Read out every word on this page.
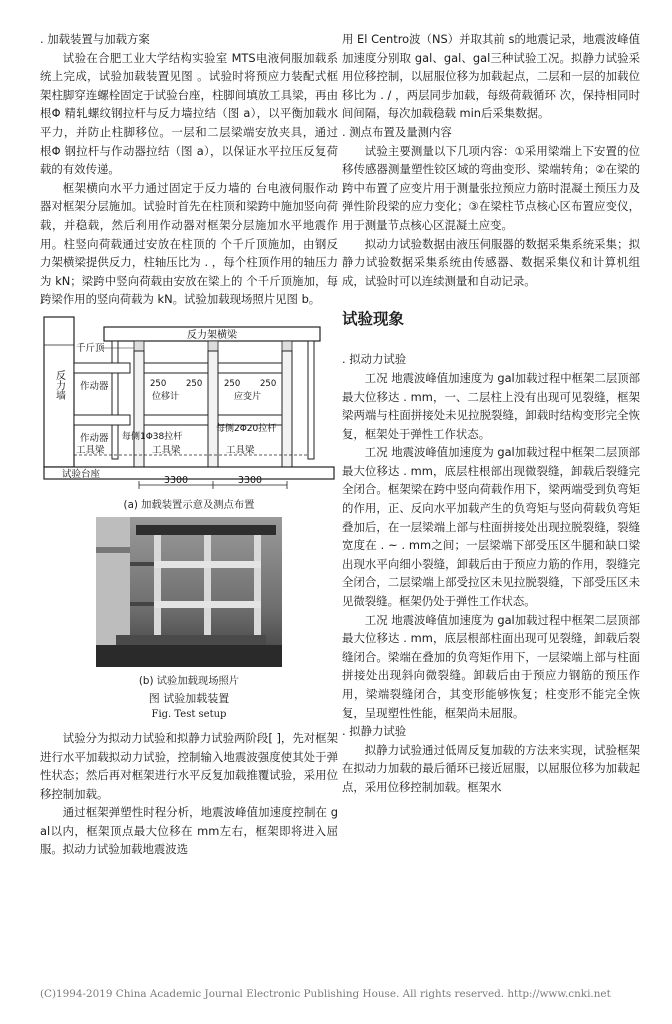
. 加载装置与加载方案

试验在合肥工业大学结构实验室 MTS电液伺服加载系统上完成，试验加载装置见图 。试验时将预应力装配式框架柱脚穿连螺栓固定于试验台座，柱脚间填放工具梁，再由 根Φ 精轧螺纹钢拉杆与反力墙拉结（图 a），以平衡加载水平力，并防止柱脚移位。一层和二层梁端安放夹具，通过 根Φ 钢拉杆与作动器拉结（图 a），以保证水平拉压反复荷载的有效传递。

框架横向水平力通过固定于反力墙的 台电液伺服作动器对框架分层施加。试验时首先在柱顶和梁跨中施加竖向荷载，并稳载，然后利用作动器对框架分层施加水平地震作用。柱竖向荷载通过安放在柱顶的 个千斤顶施加，由钢反力架横梁提供反力，柱轴压比为 . ，每个柱顶作用的轴压力为 kN；梁跨中竖向荷载由安放在梁上的 个千斤顶施加，每跨梁作用的竖向荷载为 kN。试验加载现场照片见图 b。

反力墙
反力架横梁
千斤顶
作动器
作动器
250 250	250 250
位移计	应变片
每侧1Φ38拉杆
每侧2Φ20拉杆
工具梁	工具梁	工具梁
试验台座
3300	3300

(a) 加载装置示意及测点布置

(b) 试验加载现场照片

图 试验加载装置

Fig. Test setup

试验分为拟动力试验和拟静力试验两阶段[ ]，先对框架进行水平加载拟动力试验，控制输入地震波强度使其处于弹性状态；然后再对框架进行水平反复加载推覆试验，采用位移控制加载。

通过框架弹塑性时程分析，地震波峰值加速度控制在 gal以内，框架顶点最大位移在 mm左右，框架即将进入屈服。拟动力试验加载地震波选

用 El Centro波（NS）并取其前 s的地震记录，地震波峰值加速度分别取 gal、gal、gal三种试验工况。拟静力试验采用位移控制，以屈服位移为加载起点，二层和一层的加载位移比为 . / ，两层同步加载，每级荷载循环 次，保持相同时间间隔，每次加载稳载 min后采集数据。

. 测点布置及量测内容

试验主要测量以下几项内容：①采用梁端上下安置的位移传感器测量塑性铰区域的弯曲变形、梁端转角；②在梁的跨中布置了应变片用于测量张拉预应力筋时混凝土预压力及弹性阶段梁的应力变化；③在梁柱节点核心区布置应变仪，用于测量节点核心区混凝土应变。

拟动力试验数据由液压伺服器的数据采集系统采集；拟静力试验数据采集系统由传感器、数据采集仪和计算机组成，试验时可以连续测量和自动记录。

试验现象

. 拟动力试验

工况 地震波峰值加速度为 gal加载过程中框架二层顶部最大位移达 . mm，一、二层柱上没有出现可见裂缝，框架梁两端与柱面拼接处未见拉脱裂缝，卸载时结构变形完全恢复，框架处于弹性工作状态。

工况 地震波峰值加速度为 gal加载过程中框架二层顶部最大位移达 . mm，底层柱根部出现微裂缝，卸载后裂缝完全闭合。框架梁在跨中竖向荷载作用下，梁两端受到负弯矩的作用，正、反向水平加载产生的负弯矩与竖向荷载负弯矩叠加后，在一层梁端上部与柱面拼接处出现拉脱裂缝，裂缝宽度在 . ~ . mm之间；一层梁端下部受压区牛腿和缺口梁出现水平向细小裂缝，卸载后由于预应力筋的作用，裂缝完全闭合，二层梁端上部受拉区未见拉脱裂缝，下部受压区未见微裂缝。框架仍处于弹性工作状态。

工况 地震波峰值加速度为 gal加载过程中框架二层顶部最大位移达 . mm，底层根部柱面出现可见裂缝，卸载后裂缝闭合。梁端在叠加的负弯矩作用下，一层梁端上部与柱面拼接处出现斜向微裂缝。卸载后由于预应力钢筋的预压作用，梁端裂缝闭合，其变形能够恢复；柱变形不能完全恢复，呈现塑性性能，框架尚未屈服。

. 拟静力试验

拟静力试验通过低周反复加载的方法来实现，试验框架在拟动力加载的最后循环已接近屈服，以屈服位移为加载起点，采用位移控制加载。框架水

(C)1994-2019 China Academic Journal Electronic Publishing House. All rights reserved. http://www.cnki.net
